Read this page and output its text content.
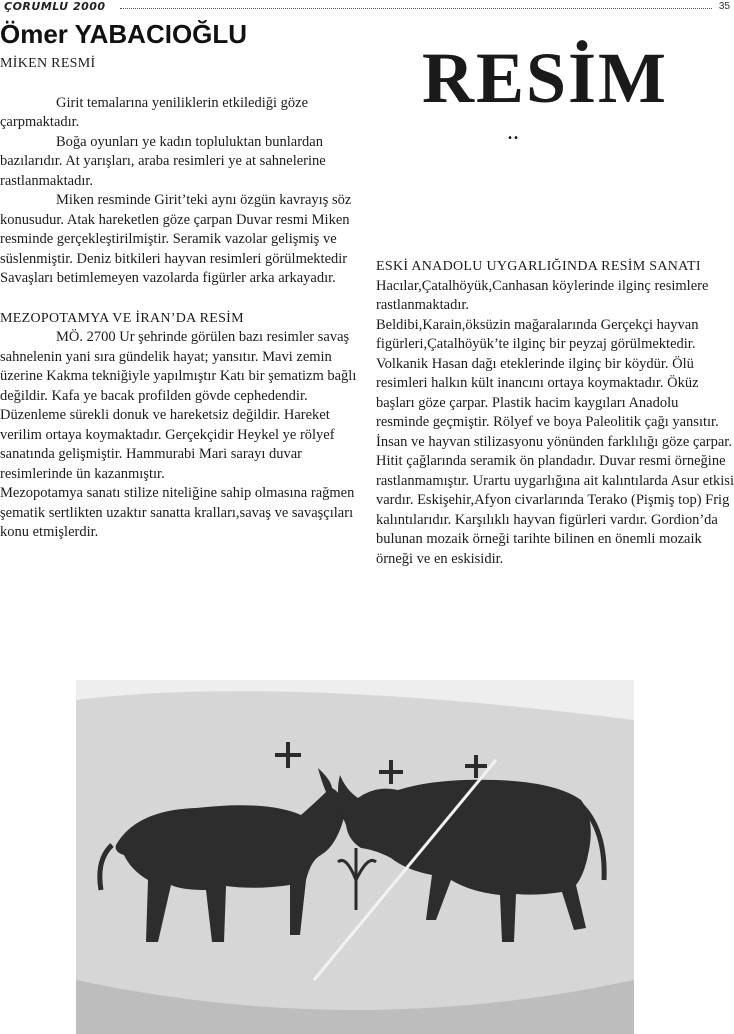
ÇORUMLU 2000	35
Ömer YABACIOĞLU
RESİM
..
MİKEN RESMİ

Girit temalarına yeniliklerin etkilediği göze çarpmaktadır.

Boğa oyunları ye kadın topluluktan bunlardan bazılarıdır. At yarışları, araba resimleri ye at sahnelerine rastlanmaktadır.

Miken resminde Girit’teki aynı özgün kavrayış söz konusudur. Atak hareketlen göze çarpan Duvar resmi Miken resminde gerçekleştirilmiştir. Seramik vazolar gelişmiş ve süslenmiştir. Deniz bitkileri hayvan resimleri görülmektedir Savaşları betimlemeyen vazolarda figürler arka arkayadır.

MEZOPOTAMYA VE İRAN’DA RESİM

MÖ. 2700 Ur şehrinde görülen bazı resimler savaş sahnelenin yani sıra gündelik hayat; yansıtır. Mavi zemin üzerine Kakma tekniğiyle yapılmıştır Katı bir şematizm bağlı değildir. Kafa ye bacak profilden gövde cephedendir. Düzenleme sürekli donuk ve hareketsiz değildir. Hareket verilim ortaya koymaktadır. Gerçekçidir Heykel ye rölyef sanatında gelişmiştir. Hammurabi Mari sarayı duvar resimlerinde ün kazanmıştır.

Mezopotamya sanatı stilize niteliğine sahip olmasına rağmen şematik sertlikten uzaktır sanatta kralları,savaş ve savaşçıları konu etmişlerdir.

ESKİ ANADOLU UYGARLIĞINDA RESİM SANATI

Hacılar,Çatalhöyük,Canhasan köylerinde ilginç resimlere rastlanmaktadır.

Beldibi,Karain,öksüzin mağaralarında Gerçekçi hayvan figürleri,Çatalhöyük’te ilginç bir peyzaj görülmektedir. Volkanik Hasan dağı eteklerinde ilginç bir köydür. Ölü resimleri halkın kült inancını ortaya koymaktadır. Öküz başları göze çarpar. Plastik hacim kaygıları Anadolu resminde geçmiştir. Rölyef ve boya Paleolitik çağı yansıtır. İnsan ve hayvan stilizasyonu yönünden farklılığı göze çarpar. Hitit çağlarında seramik ön plandadır. Duvar resmi örneğine rastlanmamıştır. Urartu uygarlığına ait kalıntılarda Asur etkisi vardır. Eskişehir,Afyon civarlarında Terako (Pişmiş top) Frig kalıntılarıdır. Karşılıklı hayvan figürleri vardır. Gordion’da bulunan mozaik örneği tarihte bilinen en önemli mozaik örneği ve en eskisidir.
